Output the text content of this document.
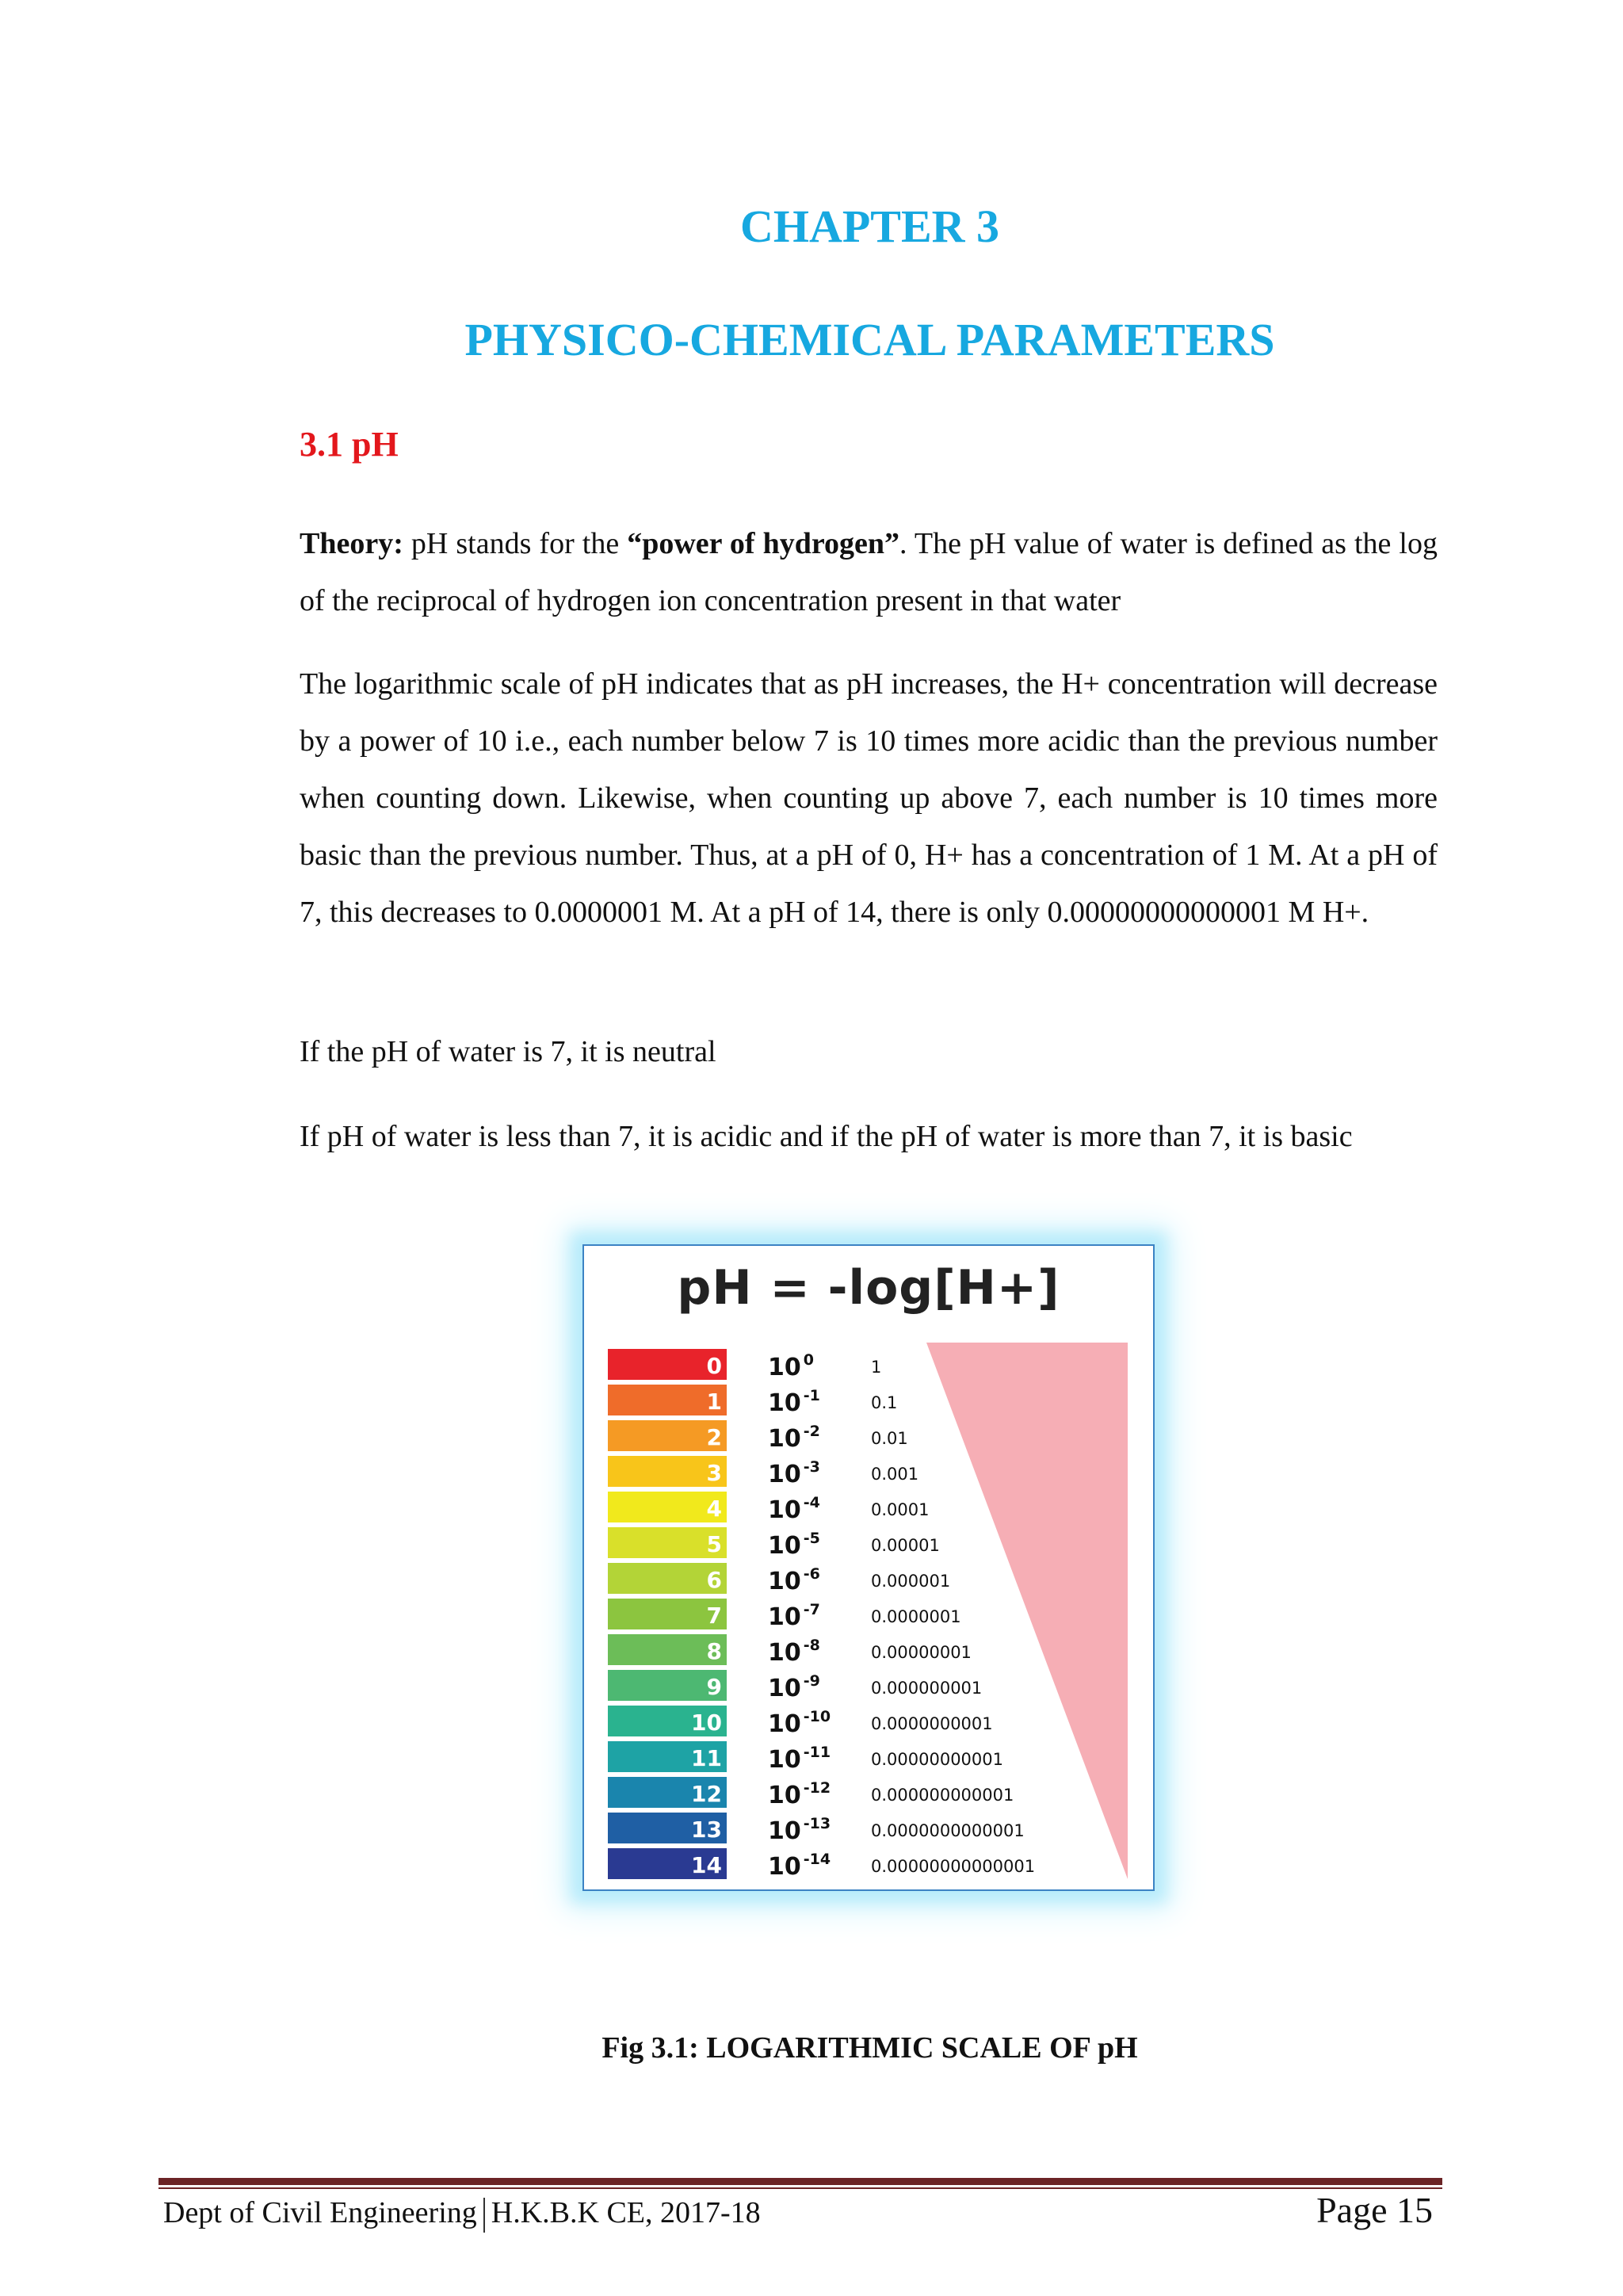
CHAPTER 3
PHYSICO-CHEMICAL PARAMETERS
3.1 pH

Theory: pH stands for the “power of hydrogen”. The pH value of water is defined as the log of the reciprocal of hydrogen ion concentration present in that water

The logarithmic scale of pH indicates that as pH increases, the H+ concentration will decrease by a power of 10 i.e., each number below 7 is 10 times more acidic than the previous number when counting down. Likewise, when counting up above 7, each number is 10 times more basic than the previous number. Thus, at a pH of 0, H+ has a concentration of 1 M. At a pH of 7, this decreases to 0.0000001 M. At a pH of 14, there is only 0.00000000000001 M H+.

If the pH of water is 7, it is neutral

If pH of water is less than 7, it is acidic and if the pH of water is more than 7, it is basic

pH = -log[H+]
0 10 $^0$	1
1 10 $^{-1}$	0.1
2 10 $^{-2}$	0.01
3 10 $^{-3}$	0.001
4 10 $^{-4}$	0.0001
5 10 $^{-5}$	0.00001
6 10 $^{-6}$	0.000001
7 10 $^{-7}$	0.0000001
8 10 $^{-8}$	0.00000001
9 10 $^{-9}$	0.000000001
10 10 $^{-10}$ 0.0000000001
11 10 $^{-11}$ 0.00000000001
12 10 $^{-12}$ 0.000000000001
13 10 $^{-13}$ 0.0000000000001
14 10 $^{-14}$ 0.00000000000001

Fig 3.1: LOGARITHMIC SCALE OF pH

Dept of Civil Engineering H.K.B.K CE, 2017-18	Page 15
